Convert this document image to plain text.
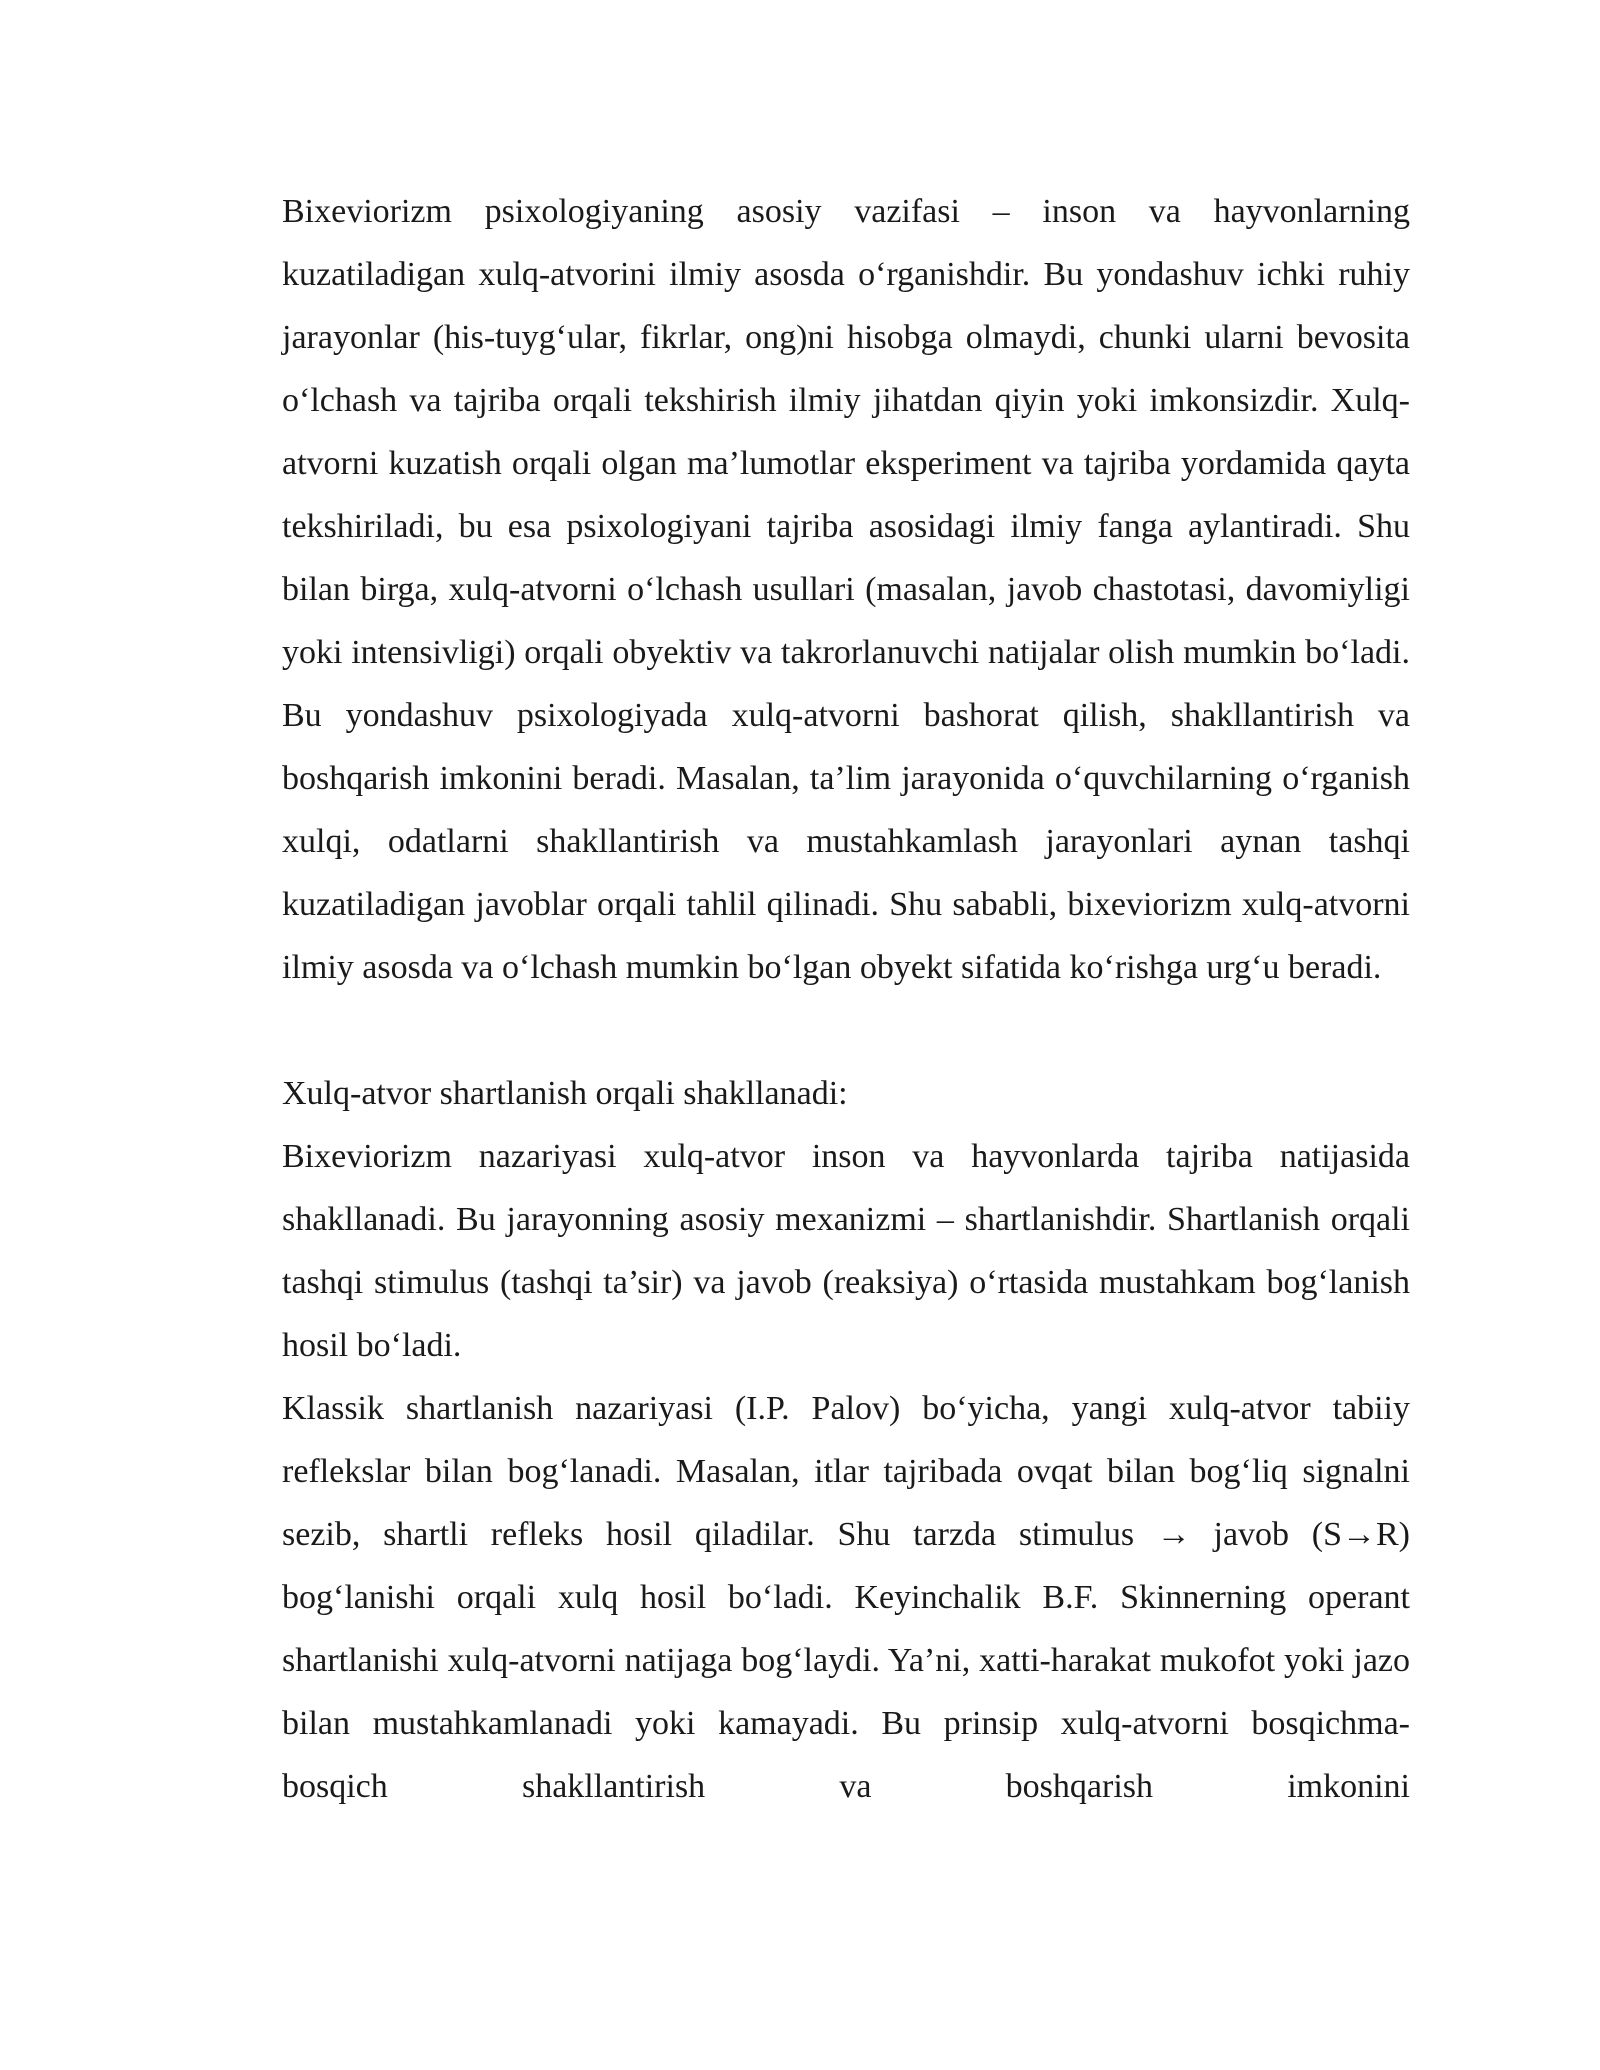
Bixeviorizm psixologiyaning asosiy vazifasi – inson va hayvonlarning kuzatiladigan xulq-atvorini ilmiy asosda o‘rganishdir. Bu yondashuv ichki ruhiy jarayonlar (his-tuyg‘ular, fikrlar, ong)ni hisobga olmaydi, chunki ularni bevosita o‘lchash va tajriba orqali tekshirish ilmiy jihatdan qiyin yoki imkonsizdir. Xulq-atvorni kuzatish orqali olgan ma’lumotlar eksperiment va tajriba yordamida qayta tekshiriladi, bu esa psixologiyani tajriba asosidagi ilmiy fanga aylantiradi. Shu bilan birga, xulq-atvorni o‘lchash usullari (masalan, javob chastotasi, davomiyligi yoki intensivligi) orqali obyektiv va takrorlanuvchi natijalar olish mumkin bo‘ladi. Bu yondashuv psixologiyada xulq-atvorni bashorat qilish, shakllantirish va boshqarish imkonini beradi. Masalan, ta’lim jarayonida o‘quvchilarning o‘rganish xulqi, odatlarni shakllantirish va mustahkamlash jarayonlari aynan tashqi kuzatiladigan javoblar orqali tahlil qilinadi. Shu sababli, bixeviorizm xulq-atvorni ilmiy asosda va o‘lchash mumkin bo‘lgan obyekt sifatida ko‘rishga urg‘u beradi.

Xulq-atvor shartlanish orqali shakllanadi:

Bixeviorizm nazariyasi xulq-atvor inson va hayvonlarda tajriba natijasida shakllanadi. Bu jarayonning asosiy mexanizmi – shartlanishdir. Shartlanish orqali tashqi stimulus (tashqi ta’sir) va javob (reaksiya) o‘rtasida mustahkam bog‘lanish hosil bo‘ladi.

Klassik shartlanish nazariyasi (I.P. Palov) bo‘yicha, yangi xulq-atvor tabiiy reflekslar bilan bog‘lanadi. Masalan, itlar tajribada ovqat bilan bog‘liq signalni sezib, shartli refleks hosil qiladilar. Shu tarzda stimulus → javob (S→R) bog‘lanishi orqali xulq hosil bo‘ladi. Keyinchalik B.F. Skinnerning operant shartlanishi xulq-atvorni natijaga bog‘laydi. Ya’ni, xatti-harakat mukofot yoki jazo bilan mustahkamlanadi yoki kamayadi. Bu prinsip xulq-atvorni bosqichma-bosqich shakllantirish va boshqarish imkonini
